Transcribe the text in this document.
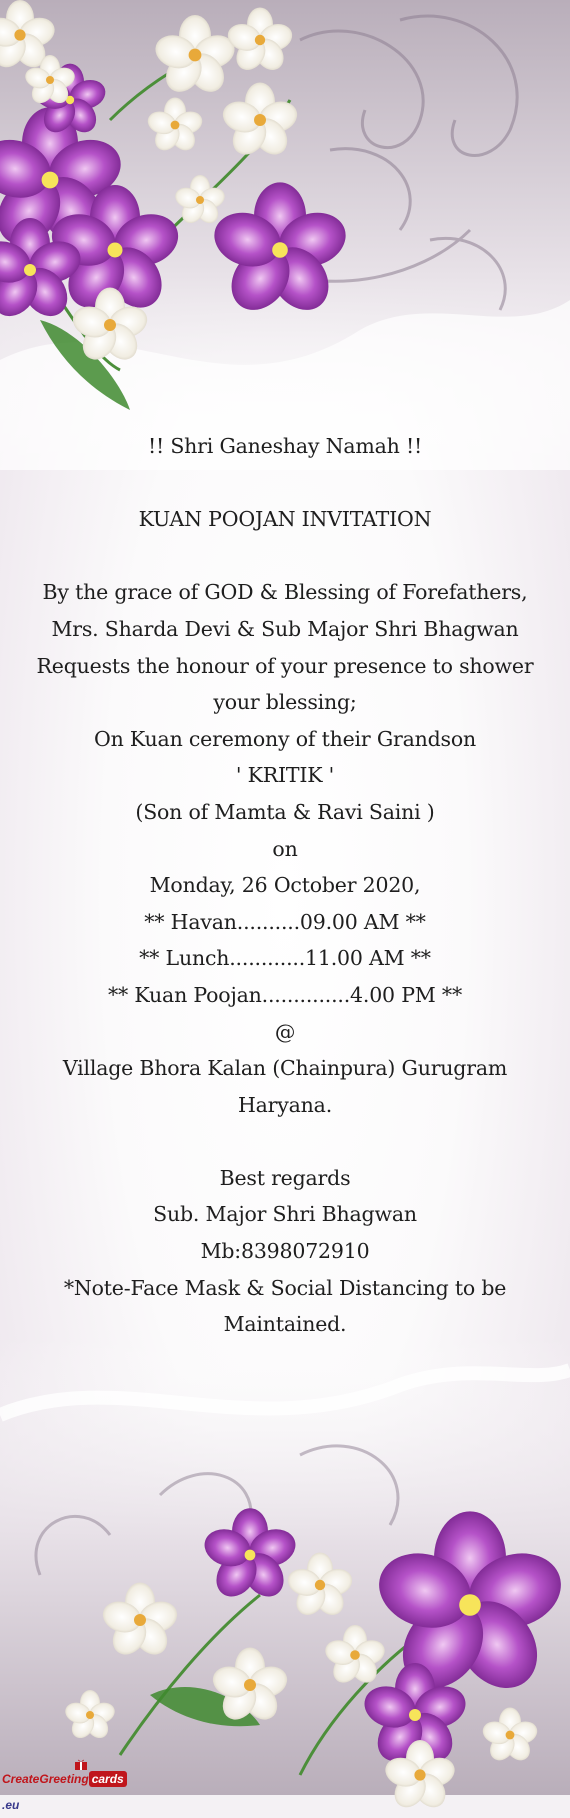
!! Shri Ganeshay Namah !!
KUAN POOJAN INVITATION
By the grace of GOD & Blessing of Forefathers,
Mrs. Sharda Devi & Sub Major Shri Bhagwan
Requests the honour of your presence to shower
your blessing;
On Kuan ceremony of their Grandson
' KRITIK '
(Son of Mamta & Ravi Saini )
on
Monday, 26 October 2020,
** Havan..........09.00 AM **
** Lunch............11.00 AM **
** Kuan Poojan..............4.00 PM **
@
Village Bhora Kalan (Chainpura) Gurugram
Haryana.
Best regards
Sub. Major Shri Bhagwan
Mb:8398072910
*Note-Face Mask & Social Distancing to be
Maintained.
CreateGreeting cards.eu
